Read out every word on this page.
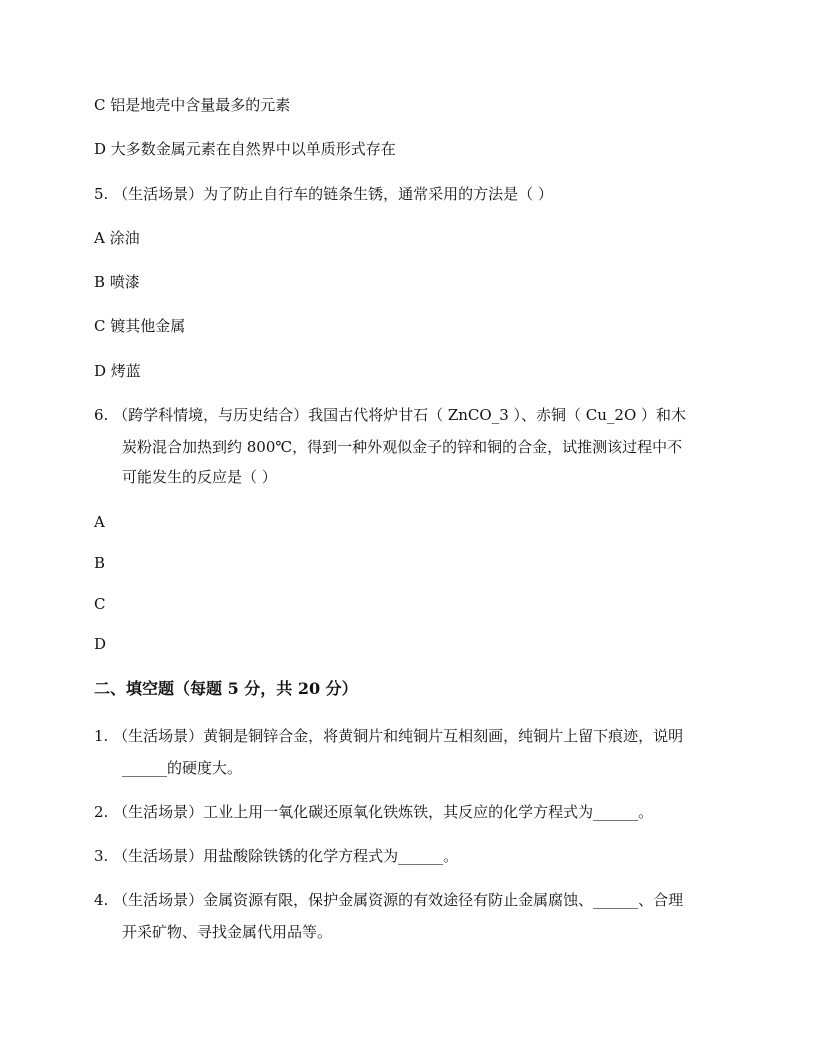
C 铝是地壳中含量最多的元素
D 大多数金属元素在自然界中以单质形式存在
5. （生活场景）为了防止自行车的链条生锈，通常采用的方法是（ ）
A 涂油
B 喷漆
C 镀其他金属
D 烤蓝
6. （跨学科情境，与历史结合）我国古代将炉甘石（ ZnCO_3 ）、赤铜（ Cu_2O ）和木
炭粉混合加热到约 800℃，得到一种外观似金子的锌和铜的合金，试推测该过程中不
可能发生的反应是（ ）
A
B
C
D
二、填空题（每题 5 分，共 20 分）
1. （生活场景）黄铜是铜锌合金，将黄铜片和纯铜片互相刻画，纯铜片上留下痕迹，说明
______的硬度大。
2. （生活场景）工业上用一氧化碳还原氧化铁炼铁，其反应的化学方程式为______。
3. （生活场景）用盐酸除铁锈的化学方程式为______。
4. （生活场景）金属资源有限，保护金属资源的有效途径有防止金属腐蚀、______、合理
开采矿物、寻找金属代用品等。
